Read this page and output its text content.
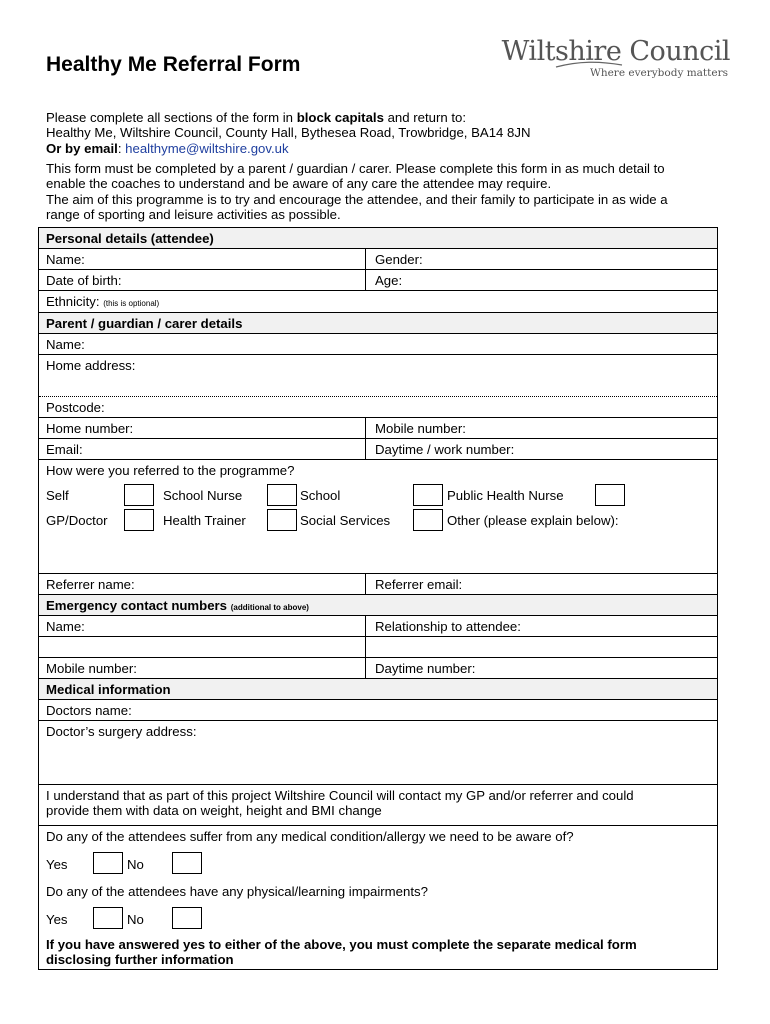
Healthy Me Referral Form	Wiltshire Council
Where everybody matters
Please complete all sections of the form in block capitals and return to:
Healthy Me, Wiltshire Council, County Hall, Bythesea Road, Trowbridge, BA14 8JN
Or by email: healthyme@wiltshire.gov.uk
This form must be completed by a parent / guardian / carer. Please complete this form in as much detail to
enable the coaches to understand and be aware of any care the attendee may require.
The aim of this programme is to try and encourage the attendee, and their family to participate in as wide a
range of sporting and leisure activities as possible.
Personal details (attendee)
Name:	Gender:
Date of birth:	Age:
Ethnicity: (this is optional)
Parent / guardian / carer details
Name:
Home address:
Postcode:
Home number:	Mobile number:
Email:	Daytime / work number:
How were you referred to the programme?
Self	School Nurse	School	Public Health Nurse
GP/Doctor	Health Trainer	Social Services	Other (please explain below):
Referrer name:	Referrer email:
Emergency contact numbers (additional to above)
Name:	Relationship to attendee:
Mobile number:	Daytime number:
Medical information
Doctors name:
Doctor’s surgery address:
I understand that as part of this project Wiltshire Council will contact my GP and/or referrer and could
provide them with data on weight, height and BMI change
Do any of the attendees suffer from any medical condition/allergy we need to be aware of?
Yes	No
Do any of the attendees have any physical/learning impairments?
Yes	No
If you have answered yes to either of the above, you must complete the separate medical form
disclosing further information
